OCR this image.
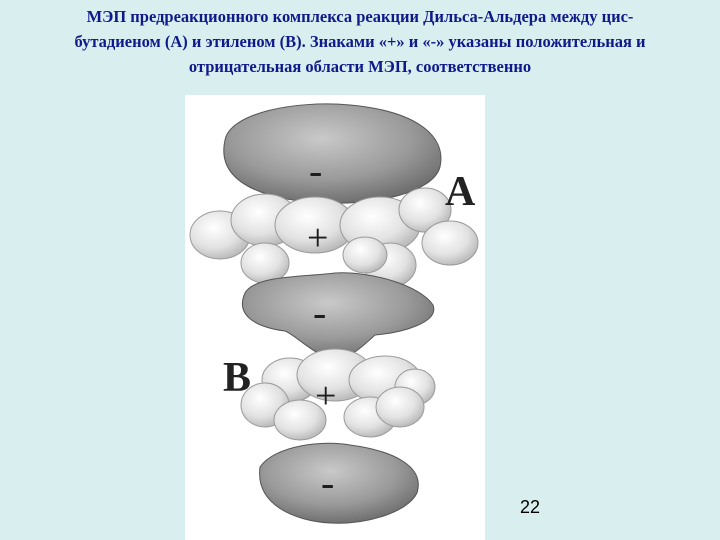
МЭП предреакционного комплекса реакции Дильса-Альдера между цис-
бутадиеном (А) и этиленом (В). Знаками «+» и «-» указаны положительная и
отрицательная области МЭП, соответственно
A
B
-
+
-
+
-
22
